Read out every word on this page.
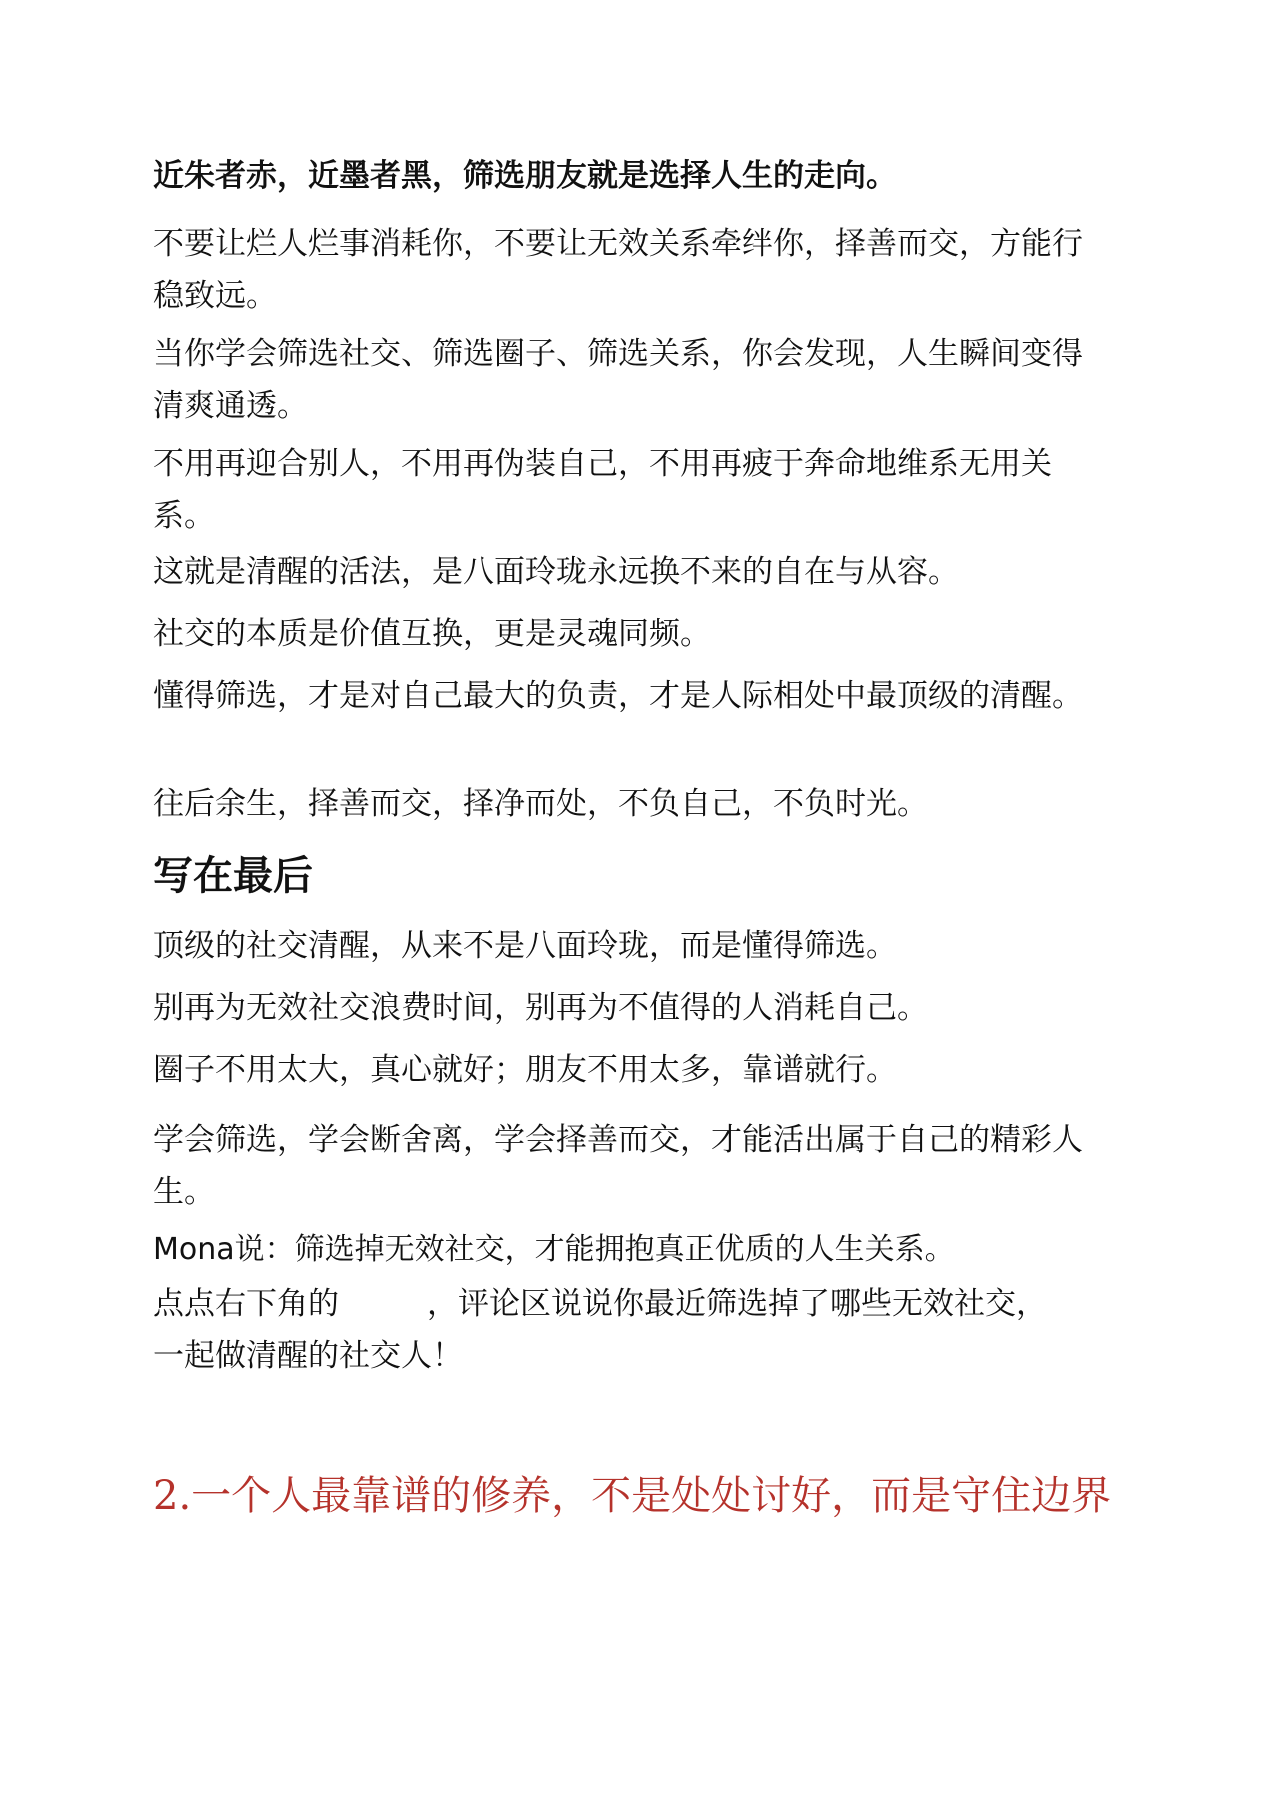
近朱者赤，近墨者黑，筛选朋友就是选择人生的走向。
不要让烂人烂事消耗你，不要让无效关系牵绊你，择善而交，方能行稳致远。
当你学会筛选社交、筛选圈子、筛选关系，你会发现，人生瞬间变得清爽通透。
不用再迎合别人，不用再伪装自己，不用再疲于奔命地维系无用关系。
这就是清醒的活法，是八面玲珑永远换不来的自在与从容。
社交的本质是价值互换，更是灵魂同频。
懂得筛选，才是对自己最大的负责，才是人际相处中最顶级的清醒。
往后余生，择善而交，择净而处，不负自己，不负时光。
写在最后
顶级的社交清醒，从来不是八面玲珑，而是懂得筛选。
别再为无效社交浪费时间，别再为不值得的人消耗自己。
圈子不用太大，真心就好；朋友不用太多，靠谱就行。
学会筛选，学会断舍离，学会择善而交，才能活出属于自己的精彩人生。
Mona说：筛选掉无效社交，才能拥抱真正优质的人生关系。
点点右下角的	，评论区说说你最近筛选掉了哪些无效社交，一起做清醒的社交人！
2.一个人最靠谱的修养，不是处处讨好，而是守住边界
